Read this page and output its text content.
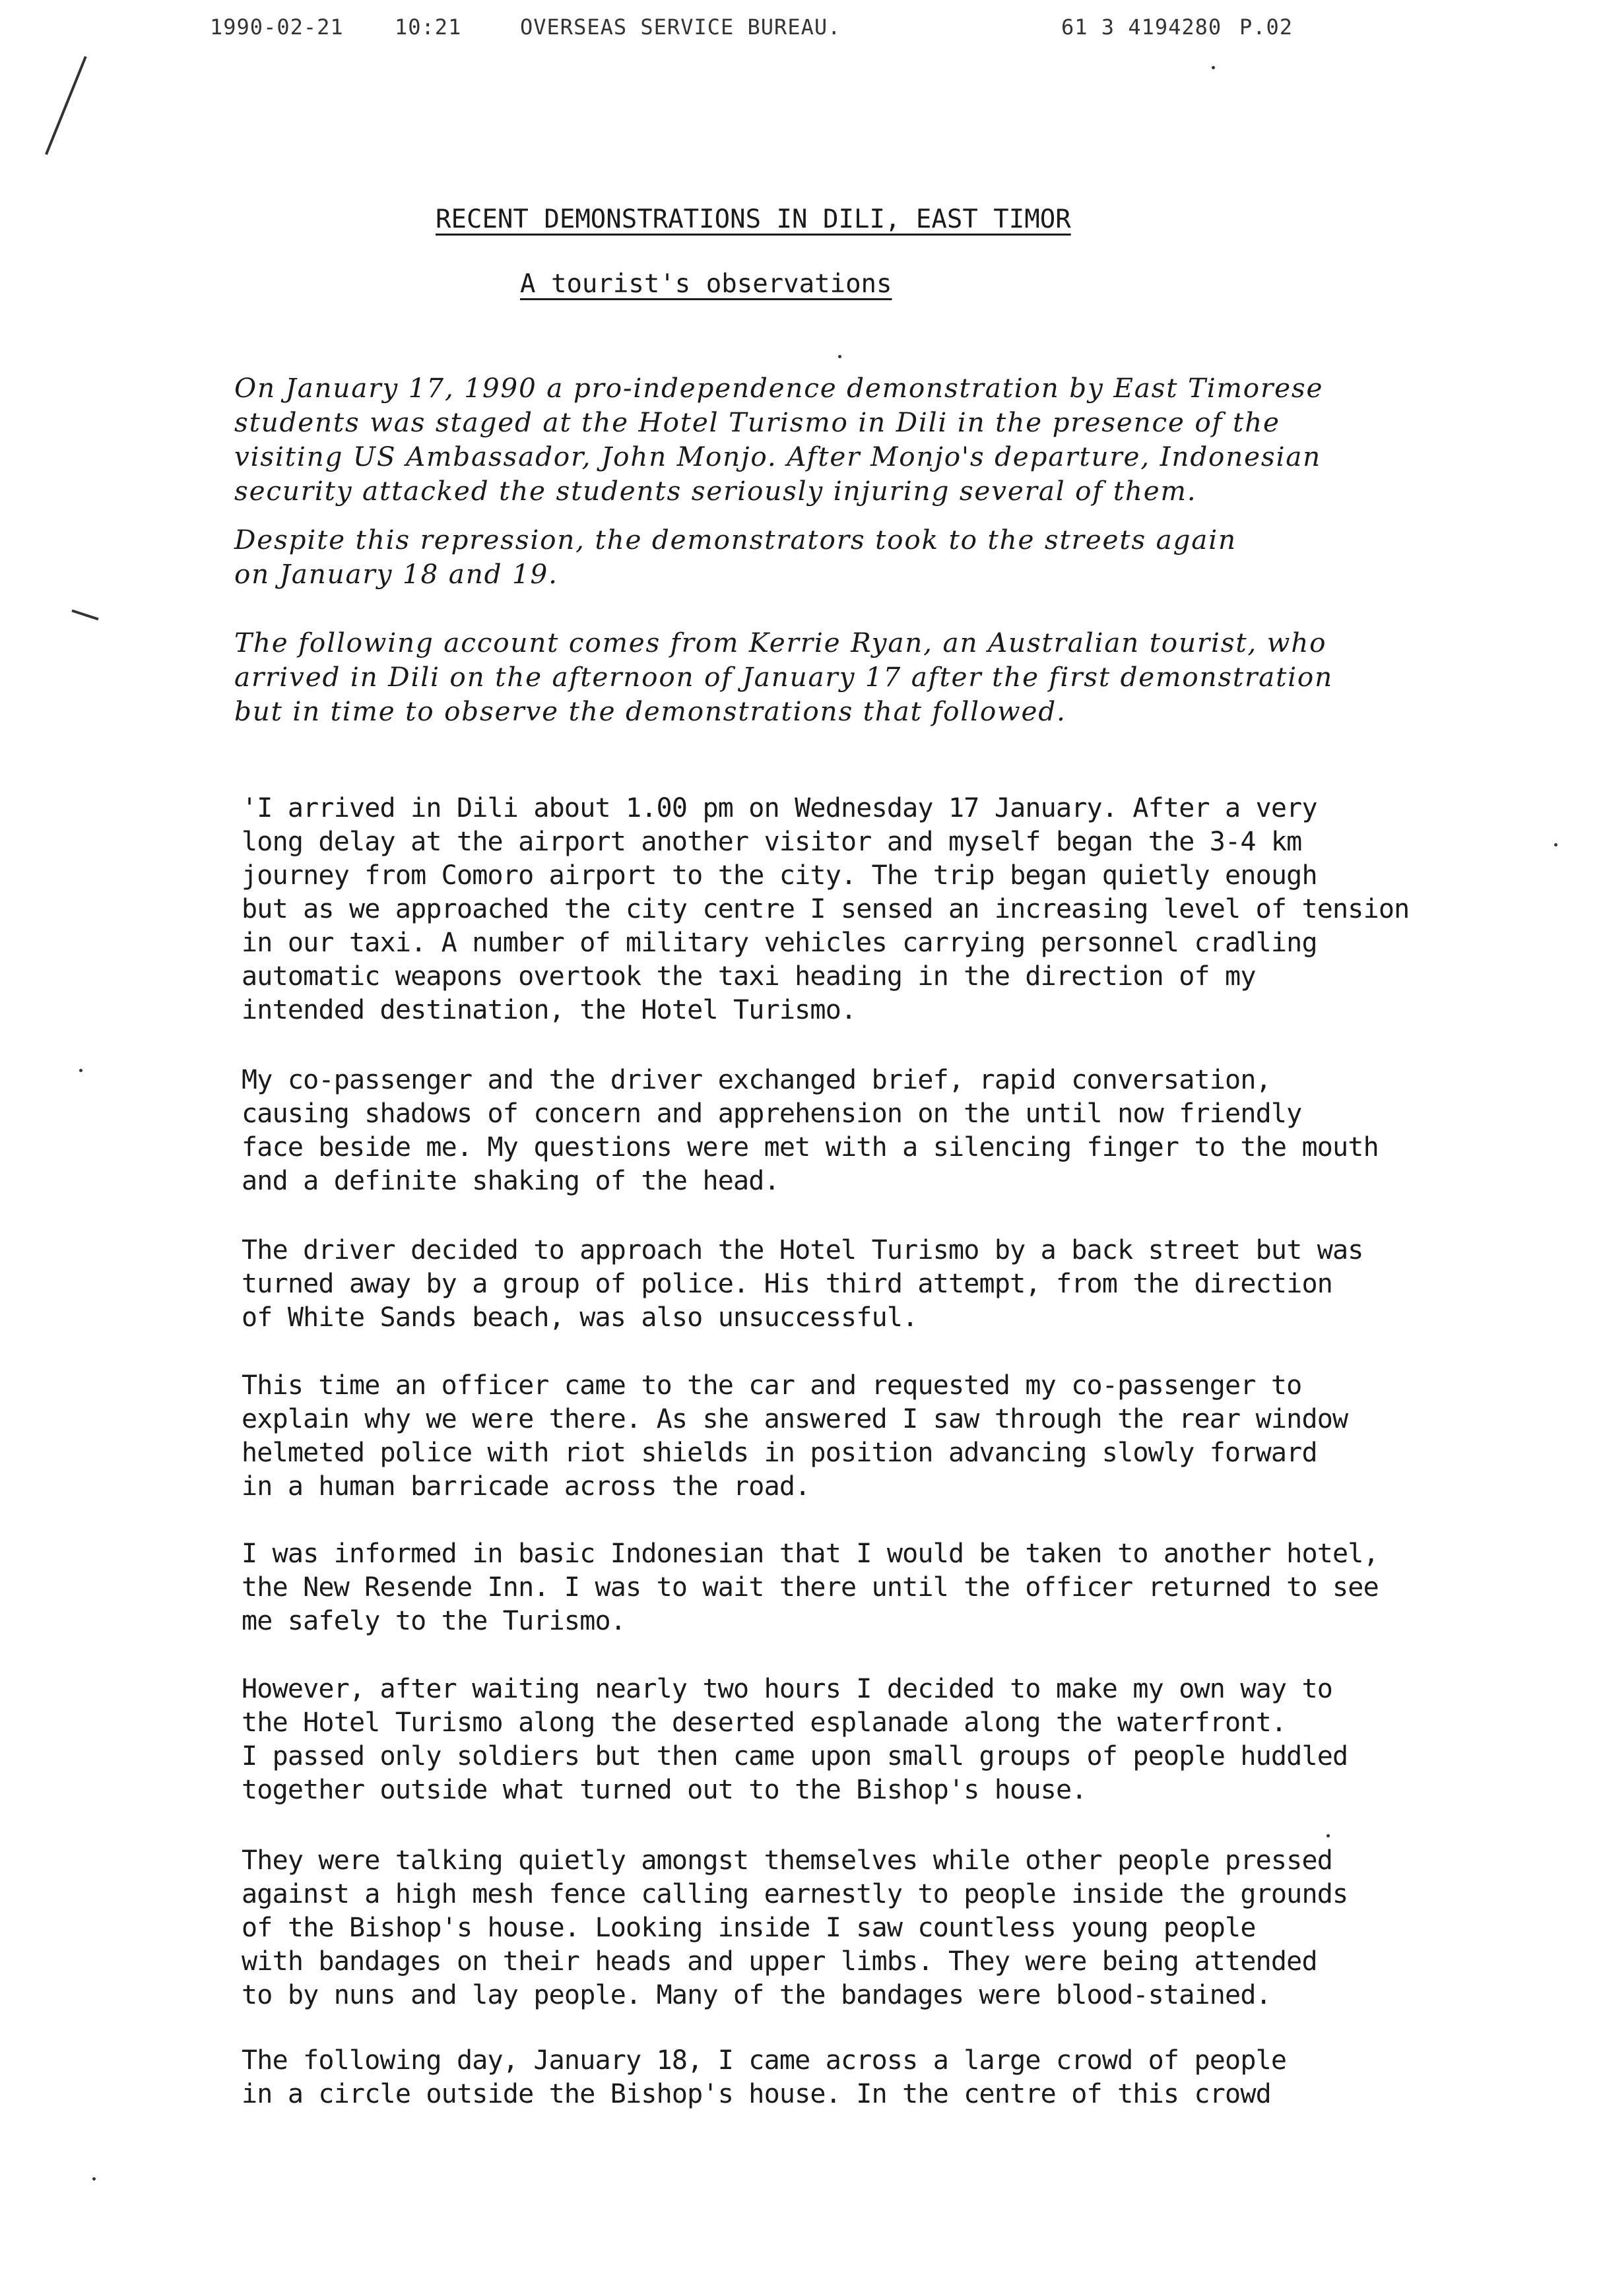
1990-02-21 10:21	OVERSEAS SERVICE BUREAU.	61 3 4194280 P.02
RECENT DEMONSTRATIONS IN DILI, EAST TIMOR
A tourist's observations

On January 17, 1990 a pro-independence demonstration by East Timorese
students was staged at the Hotel Turismo in Dili in the presence of the
visiting US Ambassador, John Monjo. After Monjo's departure, Indonesian
security attacked the students seriously injuring several of them.

Despite this repression, the demonstrators took to the streets again
on January 18 and 19.

The following account comes from Kerrie Ryan, an Australian tourist, who
arrived in Dili on the afternoon of January 17 after the first demonstration
but in time to observe the demonstrations that followed.

'I arrived in Dili about 1.00 pm on Wednesday 17 January. After a very
long delay at the airport another visitor and myself began the 3-4 km
journey from Comoro airport to the city. The trip began quietly enough
but as we approached the city centre I sensed an increasing level of tension
in our taxi. A number of military vehicles carrying personnel cradling
automatic weapons overtook the taxi heading in the direction of my
intended destination, the Hotel Turismo.

My co-passenger and the driver exchanged brief, rapid conversation,
causing shadows of concern and apprehension on the until now friendly
face beside me. My questions were met with a silencing finger to the mouth
and a definite shaking of the head.

The driver decided to approach the Hotel Turismo by a back street but was
turned away by a group of police. His third attempt, from the direction
of White Sands beach, was also unsuccessful.

This time an officer came to the car and requested my co-passenger to
explain why we were there. As she answered I saw through the rear window
helmeted police with riot shields in position advancing slowly forward
in a human barricade across the road.

I was informed in basic Indonesian that I would be taken to another hotel,
the New Resende Inn. I was to wait there until the officer returned to see
me safely to the Turismo.

However, after waiting nearly two hours I decided to make my own way to
the Hotel Turismo along the deserted esplanade along the waterfront.
I passed only soldiers but then came upon small groups of people huddled
together outside what turned out to the Bishop's house.

They were talking quietly amongst themselves while other people pressed
against a high mesh fence calling earnestly to people inside the grounds
of the Bishop's house. Looking inside I saw countless young people
with bandages on their heads and upper limbs. They were being attended
to by nuns and lay people. Many of the bandages were blood-stained.

The following day, January 18, I came across a large crowd of people
in a circle outside the Bishop's house. In the centre of this crowd
